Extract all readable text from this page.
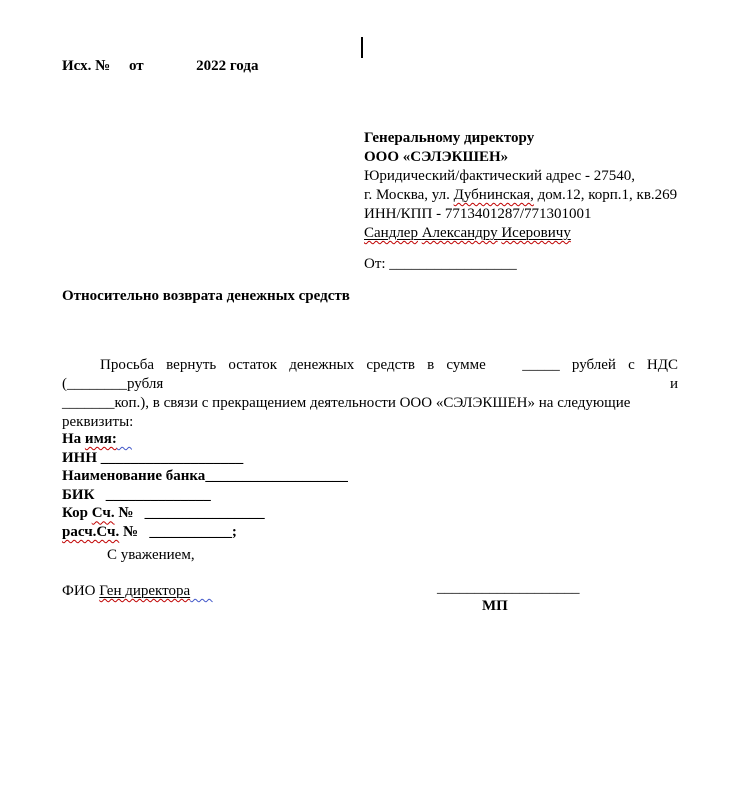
Исх. №     от              2022 года
Генеральному директору
ООО «СЭЛЭКШЕН»
Юридический/фактический адрес - 27540,
г. Москва, ул. Дубнинская, дом.12, корп.1, кв.269
ИНН/КПП - 7713401287/771301001
Сандлер Александру Исеровичу
От: _________________
Относительно возврата денежных средств
Просьба вернуть остаток денежных средств в сумме   _____ рублей с НДС (________рубля и
_______коп.), в связи с прекращением деятельности ООО «СЭЛЭКШЕН» на следующие реквизиты:
На имя:
ИНН ___________________
Наименование банка___________________
БИК   ______________
Кор Сч. №   ________________
расч.Сч. №   ___________;
С уважением,
ФИО Ген директора	___________________
МП
